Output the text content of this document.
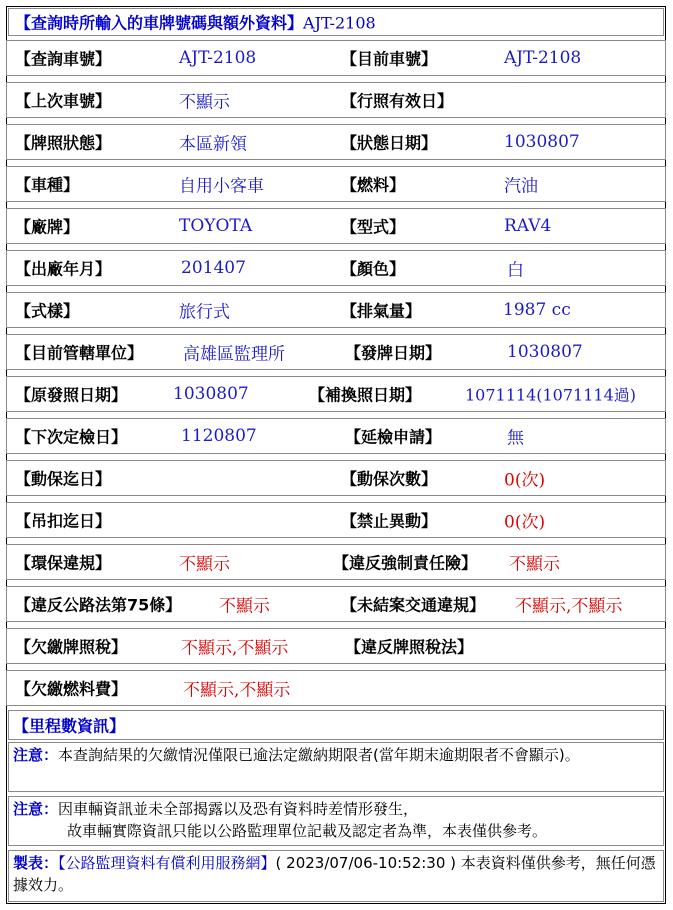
【查詢時所輸入的車牌號碼與額外資料】AJT-2108
【查詢車號】	AJT-2108	【目前車號】	AJT-2108
【上次車號】	不顯示	【行照有效日】
【牌照狀態】	本區新領	【狀態日期】	1030807
【車種】	自用小客車	【燃料】	汽油
【廠牌】	TOYOTA	【型式】	RAV4
【出廠年月】	201407	【顏色】	白
【式樣】	旅行式	【排氣量】	1987 cc
【目前管轄單位】 高雄區監理所	【發牌日期】	1030807
【原發照日期】	1030807	【補換照日期】	1071114(1071114過)
【下次定檢日】	1120807	【延檢申請】	無
【動保迄日】	【動保次數】	0(次)
【吊扣迄日】	【禁止異動】	0(次)
【環保違規】	不顯示	【違反強制責任險】 不顯示
【違反公路法第75條】 不顯示	【未結案交通違規】 不顯示,不顯示
【欠繳牌照稅】	不顯示,不顯示	【違反牌照稅法】
【欠繳燃料費】	不顯示,不顯示
【里程數資訊】
注意：本查詢結果的欠繳情況僅限已逾法定繳納期限者(當年期末逾期限者不會顯示)。
注意：因車輛資訊並未全部揭露以及恐有資料時差情形發生，
故車輛實際資訊只能以公路監理單位記載及認定者為準，本表僅供參考。
製表：【公路監理資料有償利用服務網】( 2023/07/06-10:52:30 ) 本表資料僅供參考，無任何憑據效力。
